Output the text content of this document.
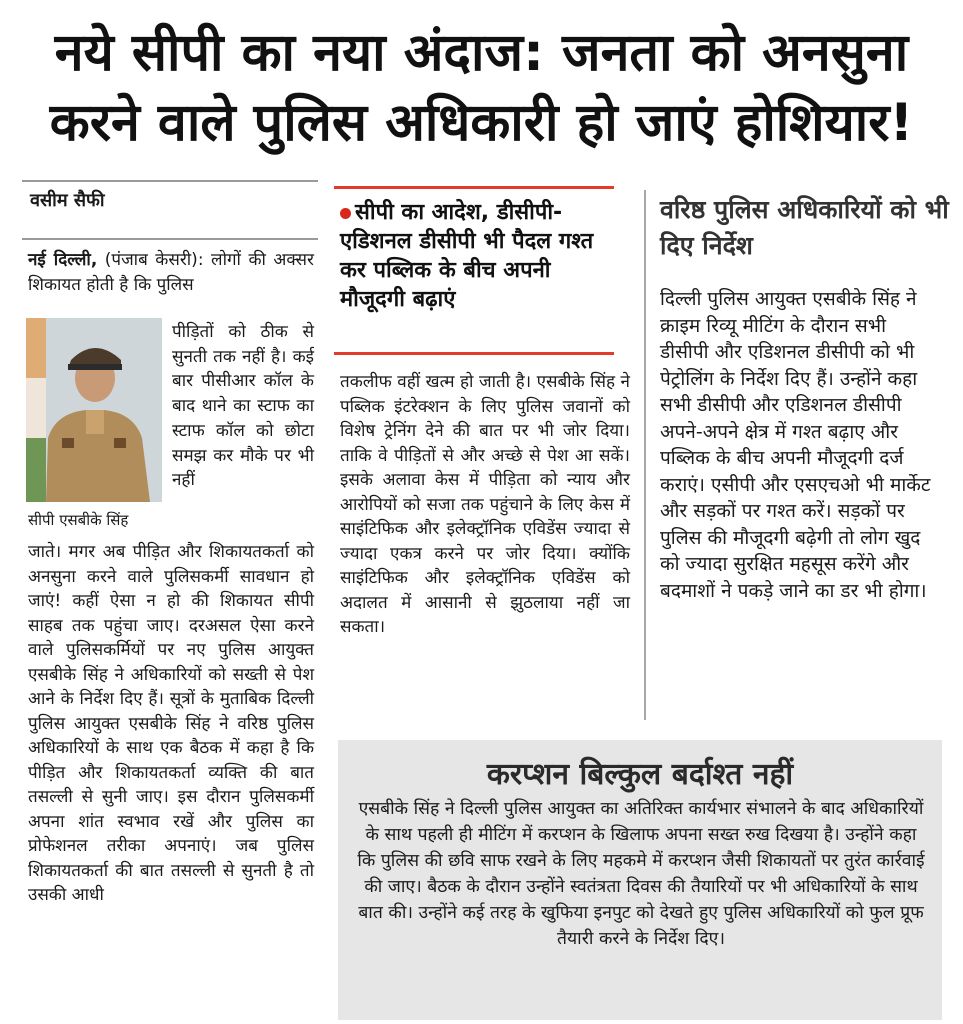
नये सीपी का नया अंदाज: जनता को अनसुना
करने वाले पुलिस अधिकारी हो जाएं होशियार!
वसीम सैफी
नई दिल्ली, (पंजाब केसरी): लोगों की अक्सर शिकायत होती है कि पुलिस
सीपी एसबीके सिंह
पीड़ितों को ठीक से सुनती तक नहीं है। कई बार पीसीआर कॉल के बाद थाने का स्टाफ का स्टाफ कॉल को छोटा समझ कर मौके पर भी नहीं
जाते। मगर अब पीड़ित और शिकायतकर्ता को अनसुना करने वाले पुलिसकर्मी सावधान हो जाएं! कहीं ऐसा न हो की शिकायत सीपी साहब तक पहुंचा जाए। दरअसल ऐसा करने वाले पुलिसकर्मियों पर नए पुलिस आयुक्त एसबीके सिंह ने अधिकारियों को सख्ती से पेश आने के निर्देश दिए हैं। सूत्रों के मुताबिक दिल्ली पुलिस आयुक्त एसबीके सिंह ने वरिष्ठ पुलिस अधिकारियों के साथ एक बैठक में कहा है कि पीड़ित और शिकायतकर्ता व्यक्ति की बात तसल्ली से सुनी जाए। इस दौरान पुलिसकर्मी अपना शांत स्वभाव रखें और पुलिस का प्रोफेशनल तरीका अपनाएं। जब पुलिस शिकायतकर्ता की बात तसल्ली से सुनती है तो उसकी आधी
सीपी का आदेश, डीसीपी-एडिशनल डीसीपी भी पैदल गश्त कर पब्लिक के बीच अपनी मौजूदगी बढ़ाएं
तकलीफ वहीं खत्म हो जाती है। एसबीके सिंह ने पब्लिक इंटरेक्शन के लिए पुलिस जवानों को विशेष ट्रेनिंग देने की बात पर भी जोर दिया। ताकि वे पीड़ितों से और अच्छे से पेश आ सकें। इसके अलावा केस में पीड़िता को न्याय और आरोपियों को सजा तक पहुंचाने के लिए केस में साइंटिफिक और इलेक्ट्रॉनिक एविडेंस ज्यादा से ज्यादा एकत्र करने पर जोर दिया। क्योंकि साइंटिफिक और इलेक्ट्रॉनिक एविडेंस को अदालत में आसानी से झुठलाया नहीं जा सकता।
वरिष्ठ पुलिस अधिकारियों को भी दिए निर्देश
दिल्ली पुलिस आयुक्त एसबीके सिंह ने क्राइम रिव्यू मीटिंग के दौरान सभी डीसीपी और एडिशनल डीसीपी को भी पेट्रोलिंग के निर्देश दिए हैं। उन्होंने कहा सभी डीसीपी और एडिशनल डीसीपी अपने-अपने क्षेत्र में गश्त बढ़ाए और पब्लिक के बीच अपनी मौजूदगी दर्ज कराएं। एसीपी और एसएचओ भी मार्केट और सड़कों पर गश्त करें। सड़कों पर पुलिस की मौजूदगी बढ़ेगी तो लोग खुद को ज्यादा सुरक्षित महसूस करेंगे और बदमाशों ने पकड़े जाने का डर भी होगा।
करप्शन बिल्कुल बर्दाश्त नहीं
एसबीके सिंह ने दिल्ली पुलिस आयुक्त का अतिरिक्त कार्यभार संभालने के बाद अधिकारियों के साथ पहली ही मीटिंग में करप्शन के खिलाफ अपना सख्त रुख दिखया है। उन्होंने कहा कि पुलिस की छवि साफ रखने के लिए महकमे में करप्शन जैसी शिकायतों पर तुरंत कार्रवाई की जाए। बैठक के दौरान उन्होंने स्वतंत्रता दिवस की तैयारियों पर भी अधिकारियों के साथ बात की। उन्होंने कई तरह के खुफिया इनपुट को देखते हुए पुलिस अधिकारियों को फुल प्रूफ तैयारी करने के निर्देश दिए।
